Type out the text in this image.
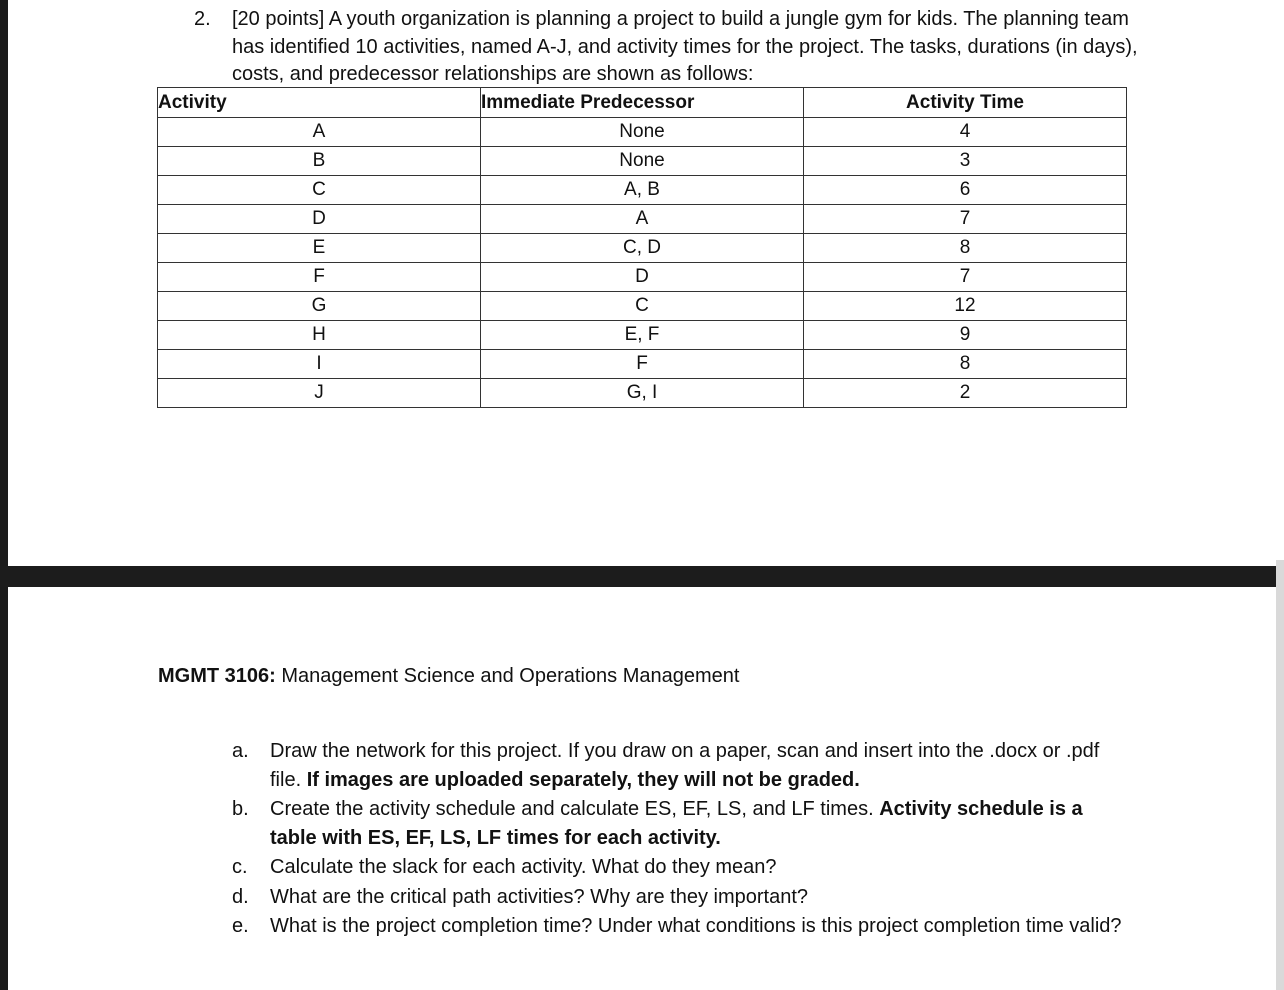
2. [20 points] A youth organization is planning a project to build a jungle gym for kids. The planning team has identified 10 activities, named A-J, and activity times for the project. The tasks, durations (in days), costs, and predecessor relationships are shown as follows:
Activity	Immediate Predecessor	Activity Time
A	None	4
B	None	3
C	A, B	6
D	A	7
E	C, D	8
F	D	7
G	C	12
H	E, F	9
I	F	8
J	G, I	2
MGMT 3106: Management Science and Operations Management
a. Draw the network for this project. If you draw on a paper, scan and insert into the .docx or .pdf file. If images are uploaded separately, they will not be graded.
b. Create the activity schedule and calculate ES, EF, LS, and LF times. Activity schedule is a table with ES, EF, LS, LF times for each activity.
c. Calculate the slack for each activity. What do they mean?
d. What are the critical path activities? Why are they important?
e. What is the project completion time? Under what conditions is this project completion time valid?
